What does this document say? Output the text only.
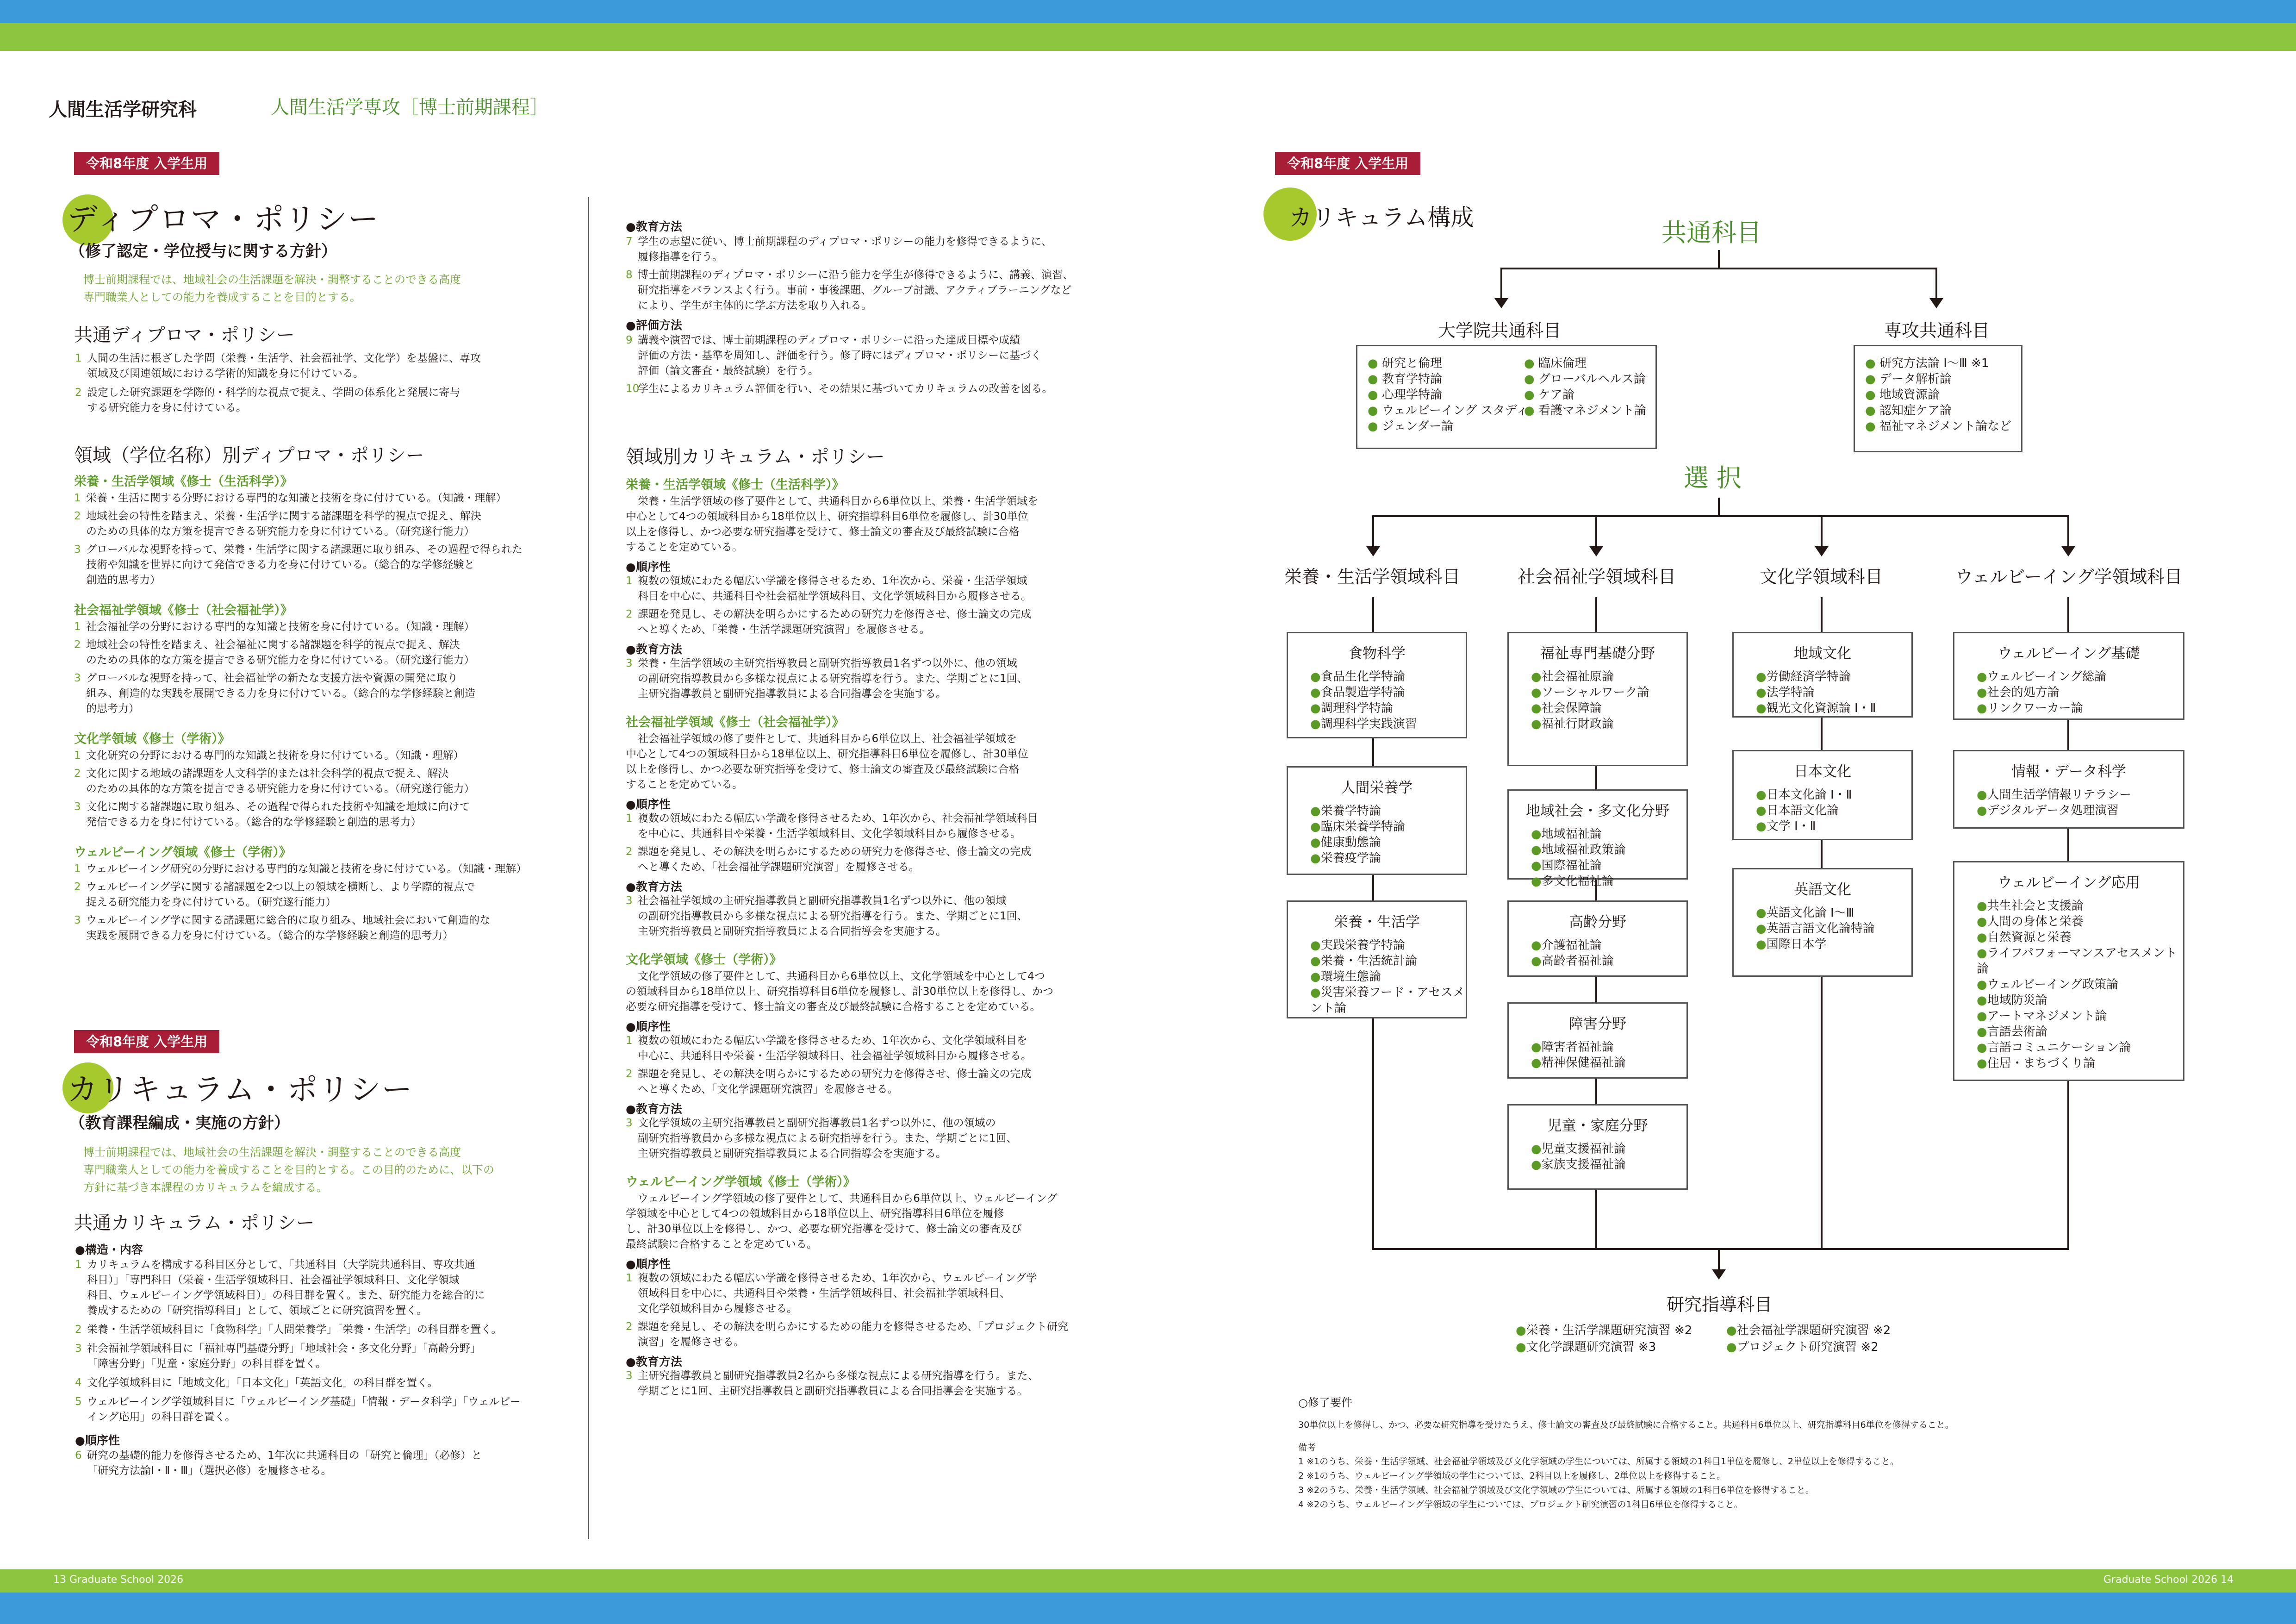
人間生活学研究科	人間生活学専攻［博士前期課程］
令和8年度 入学生用
ディプロマ・ポリシー
（修了認定・学位授与に関する方針）
博士前期課程では、地域社会の生活課題を解決・調整することのできる高度
専門職業人としての能力を養成することを目的とする。
共通ディプロマ・ポリシー
1 人間の生活に根ざした学問（栄養・生活学、社会福祉学、文化学）を基盤に、専攻
領域及び関連領域における学術的知識を身に付けている。
2 設定した研究課題を学際的・科学的な視点で捉え、学問の体系化と発展に寄与
する研究能力を身に付けている。
領域（学位名称）別ディプロマ・ポリシー
栄養・生活学領域《修士（生活科学）》
1 栄養・生活に関する分野における専門的な知識と技術を身に付けている。（知識・理解）
2 地域社会の特性を踏まえ、栄養・生活学に関する諸課題を科学的視点で捉え、解決
のための具体的な方策を提言できる研究能力を身に付けている。（研究遂行能力）
3 グローバルな視野を持って、栄養・生活学に関する諸課題に取り組み、その過程で得られた
技術や知識を世界に向けて発信できる力を身に付けている。（総合的な学修経験と
創造的思考力）
社会福祉学領域《修士（社会福祉学）》
1 社会福祉学の分野における専門的な知識と技術を身に付けている。（知識・理解）
2 地域社会の特性を踏まえ、社会福祉に関する諸課題を科学的視点で捉え、解決
のための具体的な方策を提言できる研究能力を身に付けている。（研究遂行能力）
3 グローバルな視野を持って、社会福祉学の新たな支援方法や資源の開発に取り
組み、創造的な実践を展開できる力を身に付けている。（総合的な学修経験と創造
的思考力）
文化学領域《修士（学術）》
1 文化研究の分野における専門的な知識と技術を身に付けている。（知識・理解）
2 文化に関する地域の諸課題を人文科学的または社会科学的視点で捉え、解決
のための具体的な方策を提言できる研究能力を身に付けている。（研究遂行能力）
3 文化に関する諸課題に取り組み、その過程で得られた技術や知識を地域に向けて
発信できる力を身に付けている。（総合的な学修経験と創造的思考力）
ウェルビーイング領域《修士（学術）》
1 ウェルビーイング研究の分野における専門的な知識と技術を身に付けている。（知識・理解）
2 ウェルビーイング学に関する諸課題を2つ以上の領域を横断し、より学際的視点で
捉える研究能力を身に付けている。（研究遂行能力）
3 ウェルビーイング学に関する諸課題に総合的に取り組み、地域社会において創造的な
実践を展開できる力を身に付けている。（総合的な学修経験と創造的思考力）
令和8年度 入学生用
カリキュラム・ポリシー
（教育課程編成・実施の方針）
博士前期課程では、地域社会の生活課題を解決・調整することのできる高度
専門職業人としての能力を養成することを目的とする。この目的のために、以下の
方針に基づき本課程のカリキュラムを編成する。
共通カリキュラム・ポリシー
●構造・内容
1 カリキュラムを構成する科目区分として、「共通科目（大学院共通科目、専攻共通
科目）」「専門科目（栄養・生活学領域科目、社会福祉学領域科目、文化学領域
科目、ウェルビーイング学領域科目）」の科目群を置く。また、研究能力を総合的に
養成するための「研究指導科目」として、領域ごとに研究演習を置く。
2 栄養・生活学領域科目に「食物科学」「人間栄養学」「栄養・生活学」の科目群を置く。
3 社会福祉学領域科目に「福祉専門基礎分野」「地域社会・多文化分野」「高齢分野」
「障害分野」「児童・家庭分野」の科目群を置く。
4 文化学領域科目に「地域文化」「日本文化」「英語文化」の科目群を置く。
5 ウェルビーイング学領域科目に「ウェルビーイング基礎」「情報・データ科学」「ウェルビー
イング応用」の科目群を置く。
●順序性
6 研究の基礎的能力を修得させるため、1年次に共通科目の「研究と倫理」（必修）と
「研究方法論Ⅰ・Ⅱ・Ⅲ」（選択必修）を履修させる。
●教育方法
7 学生の志望に従い、博士前期課程のディプロマ・ポリシーの能力を修得できるように、
履修指導を行う。
8 博士前期課程のディプロマ・ポリシーに沿う能力を学生が修得できるように、講義、演習、
研究指導をバランスよく行う。事前・事後課題、グループ討議、アクティブラーニングなど
により、学生が主体的に学ぶ方法を取り入れる。
●評価方法
9 講義や演習では、博士前期課程のディプロマ・ポリシーに沿った達成目標や成績
評価の方法・基準を周知し、評価を行う。修了時にはディプロマ・ポリシーに基づく
評価（論文審査・最終試験）を行う。
10
学生によるカリキュラム評価を行い、その結果に基づいてカリキュラムの改善を図る。
領域別カリキュラム・ポリシー
栄養・生活学領域《修士（生活科学）》
栄養・生活学領域の修了要件として、共通科目から6単位以上、栄養・生活学領域を
中心として4つの領域科目から18単位以上、研究指導科目6単位を履修し、計30単位
以上を修得し、かつ必要な研究指導を受けて、修士論文の審査及び最終試験に合格
することを定めている。
●順序性
1 複数の領域にわたる幅広い学識を修得させるため、1年次から、栄養・生活学領域
科目を中心に、共通科目や社会福祉学領域科目、文化学領域科目から履修させる。
2 課題を発見し、その解決を明らかにするための研究力を修得させ、修士論文の完成
へと導くため、「栄養・生活学課題研究演習」を履修させる。
●教育方法
3 栄養・生活学領域の主研究指導教員と副研究指導教員1名ずつ以外に、他の領域
の副研究指導教員から多様な視点による研究指導を行う。また、学期ごとに1回、
主研究指導教員と副研究指導教員による合同指導会を実施する。
社会福祉学領域《修士（社会福祉学）》
社会福祉学領域の修了要件として、共通科目から6単位以上、社会福祉学領域を
中心として4つの領域科目から18単位以上、研究指導科目6単位を履修し、計30単位
以上を修得し、かつ必要な研究指導を受けて、修士論文の審査及び最終試験に合格
することを定めている。
●順序性
1 複数の領域にわたる幅広い学識を修得させるため、1年次から、社会福祉学領域科目
を中心に、共通科目や栄養・生活学領域科目、文化学領域科目から履修させる。
2 課題を発見し、その解決を明らかにするための研究力を修得させ、修士論文の完成
へと導くため、「社会福祉学課題研究演習」を履修させる。
●教育方法
3 社会福祉学領域の主研究指導教員と副研究指導教員1名ずつ以外に、他の領域
の副研究指導教員から多様な視点による研究指導を行う。また、学期ごとに1回、
主研究指導教員と副研究指導教員による合同指導会を実施する。
文化学領域《修士（学術）》
文化学領域の修了要件として、共通科目から6単位以上、文化学領域を中心として4つ
の領域科目から18単位以上、研究指導科目6単位を履修し、計30単位以上を修得し、かつ
必要な研究指導を受けて、修士論文の審査及び最終試験に合格することを定めている。
●順序性
1 複数の領域にわたる幅広い学識を修得させるため、1年次から、文化学領域科目を
中心に、共通科目や栄養・生活学領域科目、社会福祉学領域科目から履修させる。
2 課題を発見し、その解決を明らかにするための研究力を修得させ、修士論文の完成
へと導くため、「文化学課題研究演習」を履修させる。
●教育方法
3 文化学領域の主研究指導教員と副研究指導教員1名ずつ以外に、他の領域の
副研究指導教員から多様な視点による研究指導を行う。また、学期ごとに1回、
主研究指導教員と副研究指導教員による合同指導会を実施する。
ウェルビーイング学領域《修士（学術）》
ウェルビーイング学領域の修了要件として、共通科目から6単位以上、ウェルビーイング
学領域を中心として4つの領域科目から18単位以上、研究指導科目6単位を履修
し、計30単位以上を修得し、かつ、必要な研究指導を受けて、修士論文の審査及び
最終試験に合格することを定めている。
●順序性
1 複数の領域にわたる幅広い学識を修得させるため、1年次から、ウェルビーイング学
領域科目を中心に、共通科目や栄養・生活学領域科目、社会福祉学領域科目、
文化学領域科目から履修させる。
2 課題を発見し、その解決を明らかにするための能力を修得させるため、「プロジェクト研究
演習」を履修させる。
●教育方法
3 主研究指導教員と副研究指導教員2名から多様な視点による研究指導を行う。また、
学期ごとに1回、主研究指導教員と副研究指導教員による合同指導会を実施する。
令和8年度 入学生用
カリキュラム構成
共通科目
大学院共通科目
● 研究と倫理
● 教育学特論
● 心理学特論
● ウェルビーイング スタディ
● ジェンダー論
● 臨床倫理
● グローバルヘルス論
● ケア論
● 看護マネジメント論
専攻共通科目
● 研究方法論 Ⅰ～Ⅲ ※1
● データ解析論
● 地域資源論
● 認知症ケア論
● 福祉マネジメント論など
選 択
栄養・生活学領域科目	社会福祉学領域科目	文化学領域科目	ウェルビーイング学領域科目
食物科学
●食品生化学特論
●食品製造学特論
●調理科学特論
●調理科学実践演習
人間栄養学
●栄養学特論
●臨床栄養学特論
●健康動態論
●栄養疫学論
栄養・生活学
●実践栄養学特論
●栄養・生活統計論
●環境生態論
●災害栄養フード・アセスメント論
福祉専門基礎分野
●社会福祉原論
●ソーシャルワーク論
●社会保障論
●福祉行財政論
地域社会・多文化分野
●地域福祉論
●地域福祉政策論
●国際福祉論
●多文化福祉論
高齢分野
●介護福祉論
●高齢者福祉論
障害分野
●障害者福祉論
●精神保健福祉論
児童・家庭分野
●児童支援福祉論
●家族支援福祉論
地域文化
●労働経済学特論
●法学特論
●観光文化資源論 Ⅰ・Ⅱ
日本文化
●日本文化論 Ⅰ・Ⅱ
●日本語文化論
●文学 Ⅰ・Ⅱ
英語文化
●英語文化論 Ⅰ～Ⅲ
●英語言語文化論特論
●国際日本学
ウェルビーイング基礎
●ウェルビーイング総論
●社会的処方論
●リンクワーカー論
情報・データ科学
●人間生活学情報リテラシー
●デジタルデータ処理演習
ウェルビーイング応用
●共生社会と支援論
●人間の身体と栄養
●自然資源と栄養
●ライフパフォーマンスアセスメント論
●ウェルビーイング政策論
●地域防災論
●アートマネジメント論
●言語芸術論
●言語コミュニケーション論
●住居・まちづくり論
研究指導科目
●栄養・生活学課題研究演習 ※2	●社会福祉学課題研究演習 ※2
●文化学課題研究演習 ※3	●プロジェクト研究演習 ※2
○修了要件
30単位以上を修得し、かつ、必要な研究指導を受けたうえ、修士論文の審査及び最終試験に合格すること。共通科目6単位以上、研究指導科目6単位を修得すること。
備考
1 ※1のうち、栄養・生活学領域、社会福祉学領域及び文化学領域の学生については、所属する領域の1科目1単位を履修し、2単位以上を修得すること。
2 ※1のうち、ウェルビーイング学領域の学生については、2科目以上を履修し、2単位以上を修得すること。
3 ※2のうち、栄養・生活学領域、社会福祉学領域及び文化学領域の学生については、所属する領域の1科目6単位を修得すること。
4 ※2のうち、ウェルビーイング学領域の学生については、プロジェクト研究演習の1科目6単位を修得すること。
13 Graduate School 2026	Graduate School 2026 14
